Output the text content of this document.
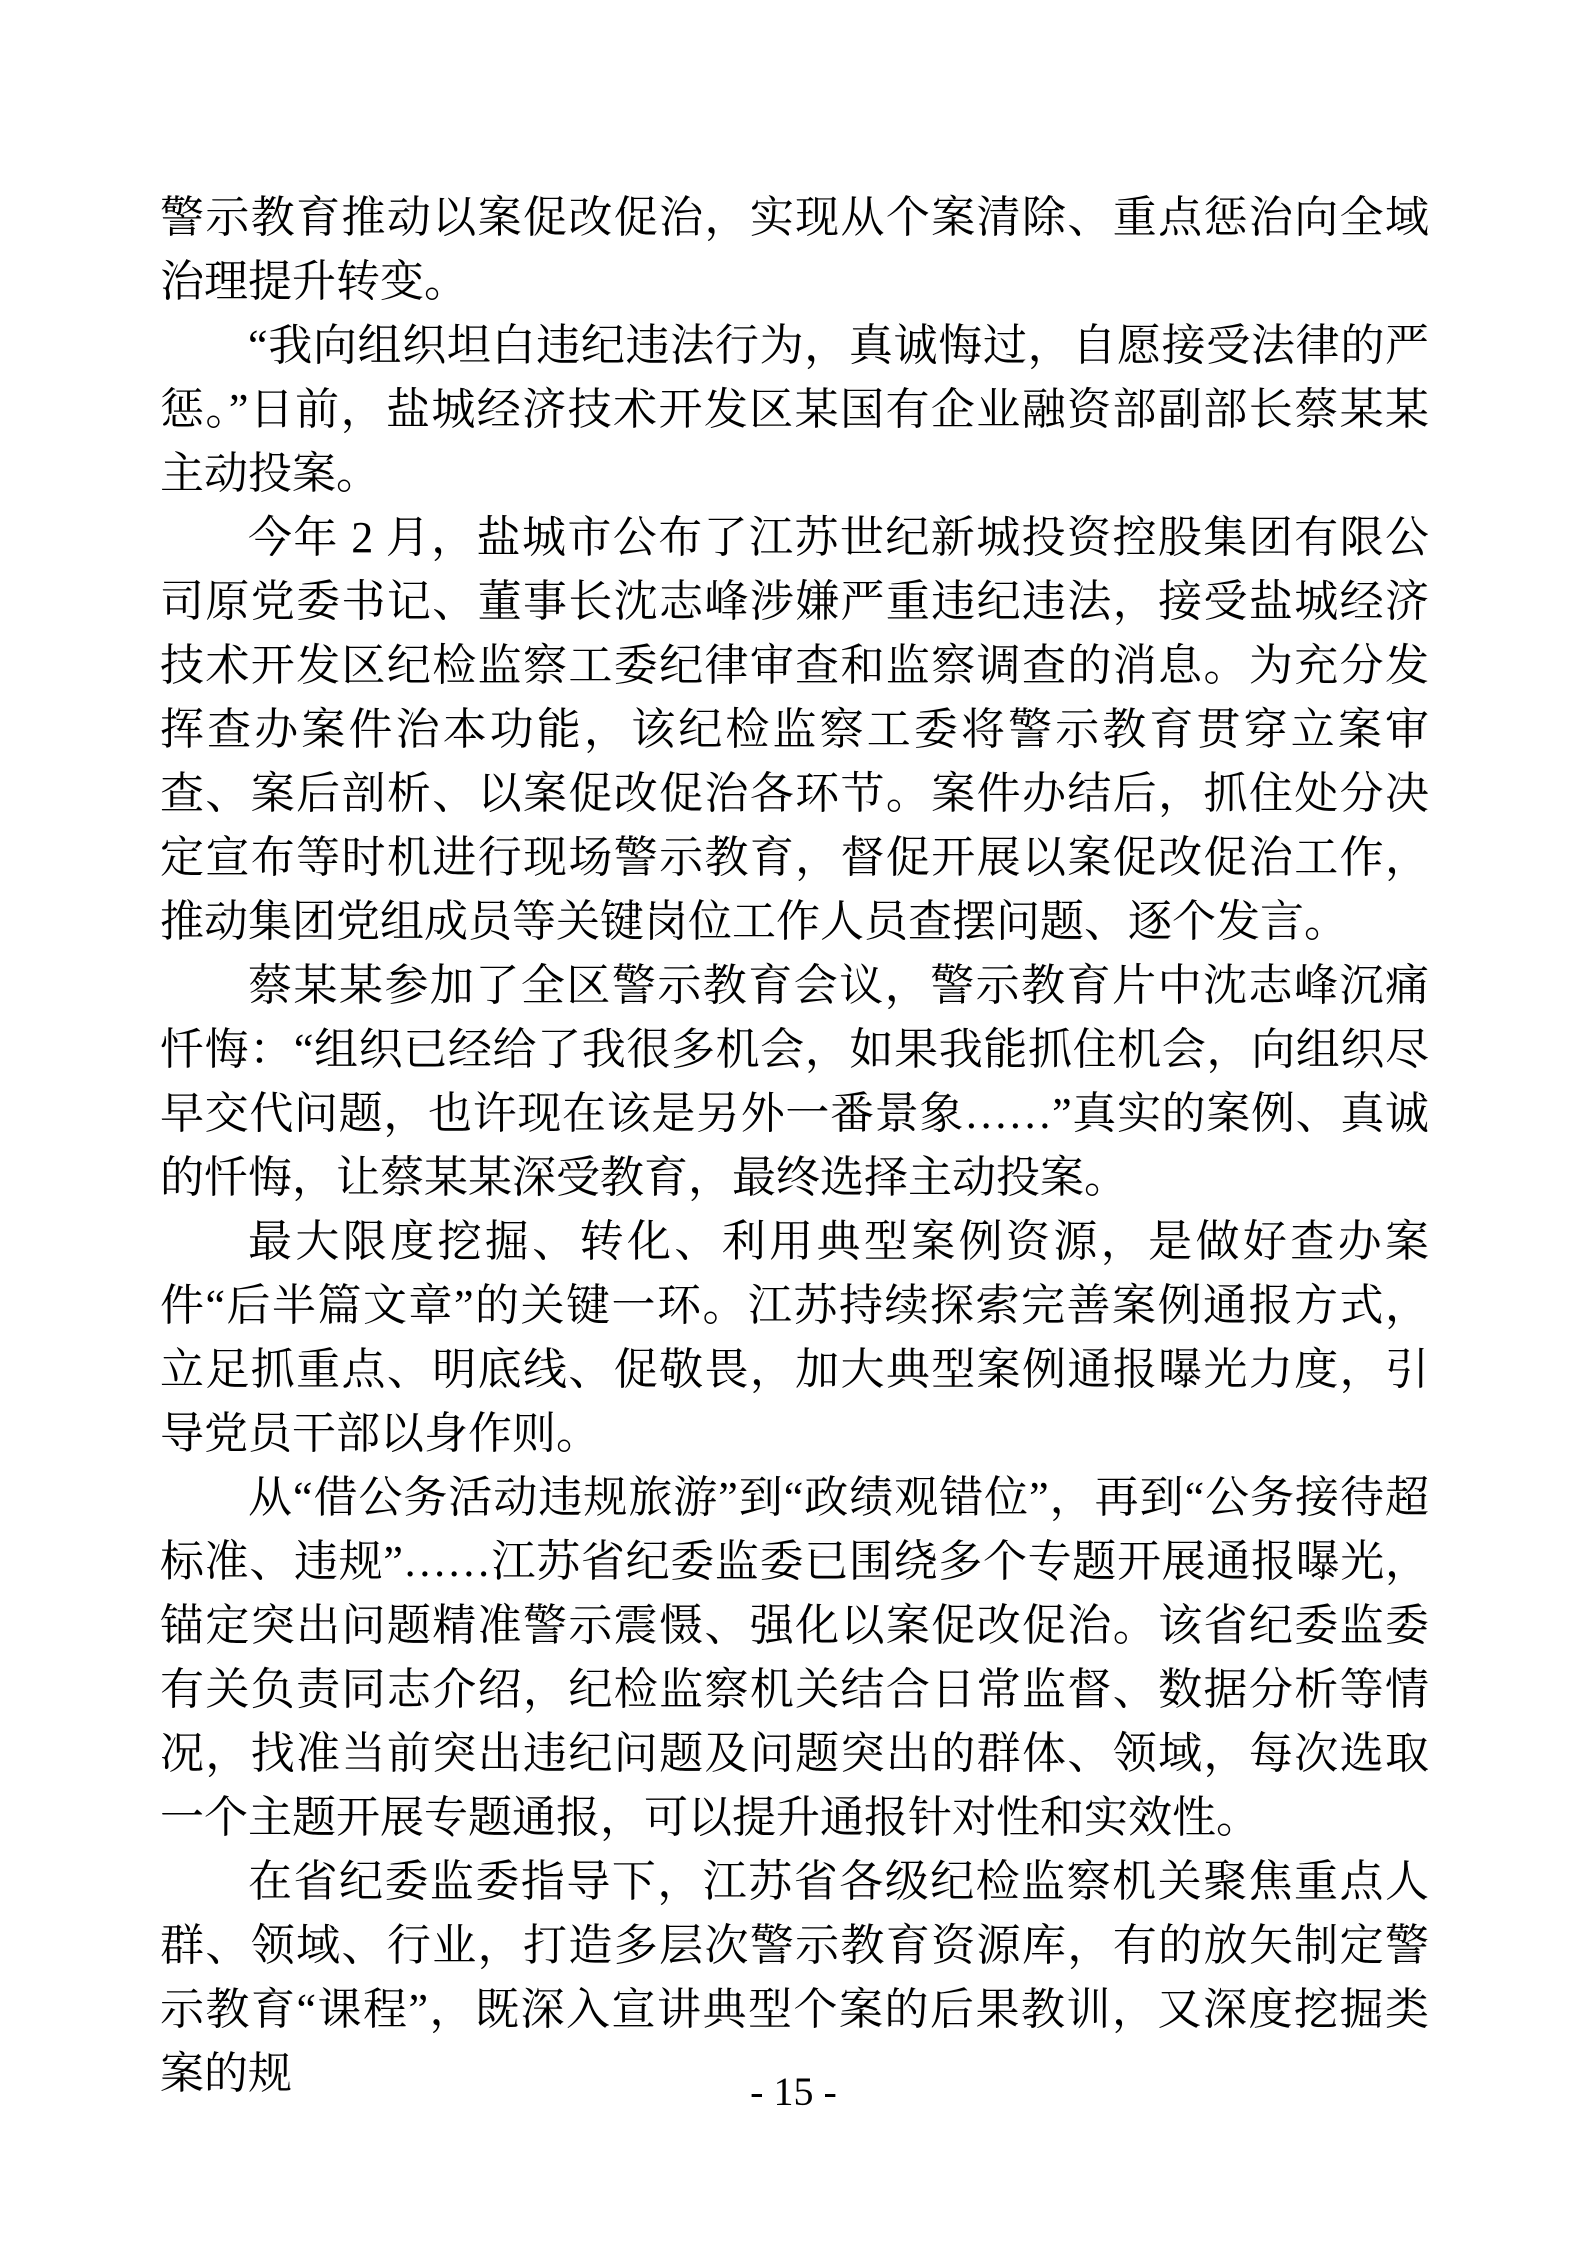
警示教育推动以案促改促治，实现从个案清除、重点惩治向全域治理提升转变。

“我向组织坦白违纪违法行为，真诚悔过，自愿接受法律的严惩。”日前，盐城经济技术开发区某国有企业融资部副部长蔡某某主动投案。

今年 2 月，盐城市公布了江苏世纪新城投资控股集团有限公司原党委书记、董事长沈志峰涉嫌严重违纪违法，接受盐城经济技术开发区纪检监察工委纪律审查和监察调查的消息。为充分发挥查办案件治本功能，该纪检监察工委将警示教育贯穿立案审查、案后剖析、以案促改促治各环节。案件办结后，抓住处分决定宣布等时机进行现场警示教育，督促开展以案促改促治工作，推动集团党组成员等关键岗位工作人员查摆问题、逐个发言。

蔡某某参加了全区警示教育会议，警示教育片中沈志峰沉痛忏悔：“组织已经给了我很多机会，如果我能抓住机会，向组织尽早交代问题，也许现在该是另外一番景象……”真实的案例、真诚的忏悔，让蔡某某深受教育，最终选择主动投案。

最大限度挖掘、转化、利用典型案例资源，是做好查办案件“后半篇文章”的关键一环。江苏持续探索完善案例通报方式，立足抓重点、明底线、促敬畏，加大典型案例通报曝光力度，引导党员干部以身作则。

从“借公务活动违规旅游”到“政绩观错位”，再到“公务接待超标准、违规”……江苏省纪委监委已围绕多个专题开展通报曝光，锚定突出问题精准警示震慑、强化以案促改促治。该省纪委监委有关负责同志介绍，纪检监察机关结合日常监督、数据分析等情况，找准当前突出违纪问题及问题突出的群体、领域，每次选取一个主题开展专题通报，可以提升通报针对性和实效性。

在省纪委监委指导下，江苏省各级纪检监察机关聚焦重点人群、领域、行业，打造多层次警示教育资源库，有的放矢制定警示教育“课程”，既深入宣讲典型个案的后果教训，又深度挖掘类案的规	- 15 -
